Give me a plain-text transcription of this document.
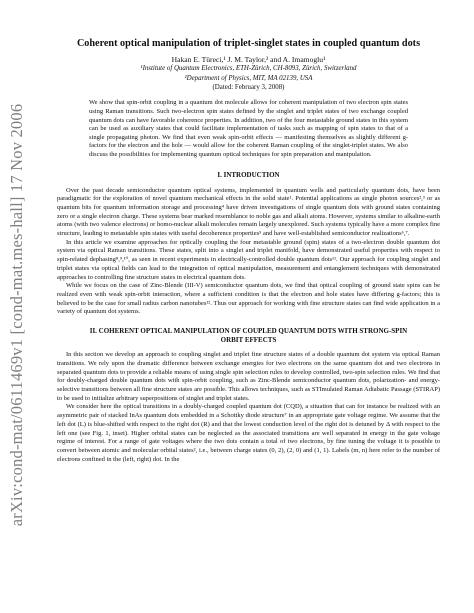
arXiv:cond-mat/0611469v1 [cond-mat.mes-hall] 17 Nov 2006
Coherent optical manipulation of triplet-singlet states in coupled quantum dots

Hakan E. Türeci,¹ J. M. Taylor,² and A. Imamoglu¹

¹Institute of Quantum Electronics, ETH-Zürich, CH-8093, Zürich, Switzerland

²Department of Physics, MIT, MA 02139, USA

(Dated: February 3, 2008)

We show that spin-orbit coupling in a quantum dot molecule allows for coherent manipulation of two electron spin states using Raman transitions. Such two-electron spin states defined by the singlet and triplet states of two exchange coupled quantum dots can have favorable coherence properties. In addition, two of the four metastable ground states in this system can be used as auxiliary states that could facilitate implementation of tasks such as mapping of spin states to that of a single propagating photon. We find that even weak spin-orbit effects — manifesting themselves as slightly different g-factors for the electron and the hole — would allow for the coherent Raman coupling of the singlet-triplet states. We also discuss the possibilities for implementing quantum optical techniques for spin preparation and manipulation.

I. INTRODUCTION

Over the past decade semiconductor quantum optical systems, implemented in quantum wells and particularly quantum dots, have been paradigmatic for the exploration of novel quantum mechanical effects in the solid state¹. Potential applications as single photon sources²,³ or as quantum bits for quantum information storage and processing⁴ have driven investigations of single quantum dots with ground states containing zero or a single electron charge. These systems bear marked resemblance to noble gas and alkali atoms. However, systems similar to alkaline-earth atoms (with two valence electrons) or homo-nuclear alkali molecules remain largely unexplored. Such systems typically have a more complex fine structure, leading to metastable spin states with useful decoherence properties⁵ and have well-established semiconductor realizations⁶,⁷.

In this article we examine approaches for optically coupling the four metastable ground (spin) states of a two-electron double quantum dot system via optical Raman transitions. These states, split into a singlet and triplet manifold, have demonstrated useful properties with respect to spin-related dephasing⁸,⁹,¹⁰, as seen in recent experiments in electrically-controlled double quantum dots¹¹. Our approach for coupling singlet and triplet states via optical fields can lead to the integration of optical manipulation, measurement and entanglement techniques with demonstrated approaches to controlling fine structure states in electrical quantum dots.

While we focus on the case of Zinc-Blende (III-V) semiconductor quantum dots, we find that optical coupling of ground state spins can be realized even with weak spin-orbit interaction, where a sufficient condition is that the electron and hole states have differing g-factors; this is believed to be the case for small radius carbon nanotubes¹². Thus our approach for working with fine structure states can find wide application in a variety of quantum dot systems.

II. COHERENT OPTICAL MANIPULATION OF COUPLED QUANTUM DOTS WITH STRONG-SPIN ORBIT EFFECTS

In this section we develop an approach to coupling singlet and triplet fine structure states of a double quantum dot system via optical Raman transitions. We rely upon the dramatic difference between exchange energies for two electrons on the same quantum dot and two electrons in separated quantum dots to provide a reliable means of using single spin selection rules to develop controlled, two-spin selection rules. We find that for doubly-charged double quantum dots with spin-orbit coupling, such as Zinc-Blende semiconductor quantum dots, polarization- and energy-selective transitions between all fine structure states are possible. This allows techniques, such as STImulated Raman Adiabatic Passage (STIRAP) to be used to initialize arbitrary superpositions of singlet and triplet states.

We consider here the optical transitions in a doubly-charged coupled quantum dot (CQD), a situation that can for instance be realized with an asymmetric pair of stacked InAs quantum dots embedded in a Schottky diode structure⁷ in an appropriate gate voltage regime. We assume that the left dot (L) is blue-shifted with respect to the right dot (R) and that the lowest conduction level of the right dot is detuned by Δ with respect to the left one (see Fig. 1, inset). Higher orbital states can be neglected as the associated transitions are well separated in energy in the gate voltage regime of interest. For a range of gate voltages where the two dots contain a total of two electrons, by fine tuning the voltage it is possible to convert between atomic and molecular orbital states², i.e., between charge states (0, 2), (2, 0) and (1, 1). Labels (m, n) here refer to the number of electrons confined in the (left, right) dot. In the
